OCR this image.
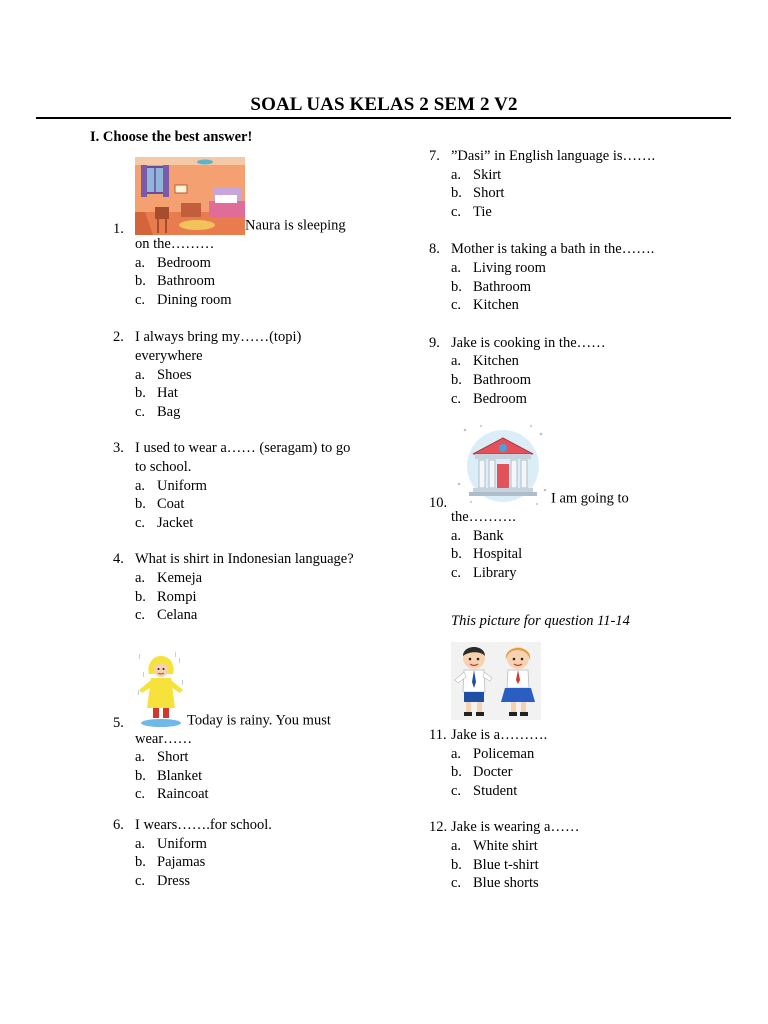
SOAL UAS KELAS 2 SEM 2 V2
I. Choose the best answer!
Naura is sleeping on the………
1.
a. Bedroom
b. Bathroom
c. Dining room
2. I always bring my……(topi) everywhere
a. Shoes
b. Hat
c. Bag
3. I used to wear a…… (seragam) to go to school.
a. Uniform
b. Coat
c. Jacket
4. What is shirt in Indonesian language?
a. Kemeja
b. Rompi
c. Celana
Today is rainy. You must wear……
5.
a. Short
b. Blanket
c. Raincoat
6. I wears…….for school.
a. Uniform
b. Pajamas
c. Dress
7. ”Dasi” in English language is…….
a. Skirt
b. Short
c. Tie
8. Mother is taking a bath in the…….
a. Living room
b. Bathroom
c. Kitchen
9. Jake is cooking in the……
a. Kitchen
b. Bathroom
c. Bedroom
I am going to the……….
10.
a. Bank
b. Hospital
c. Library
This picture for question 11-14
11. Jake is a……….
a. Policeman
b. Docter
c. Student
12. Jake is wearing a……
a. White shirt
b. Blue t-shirt
c. Blue shorts
